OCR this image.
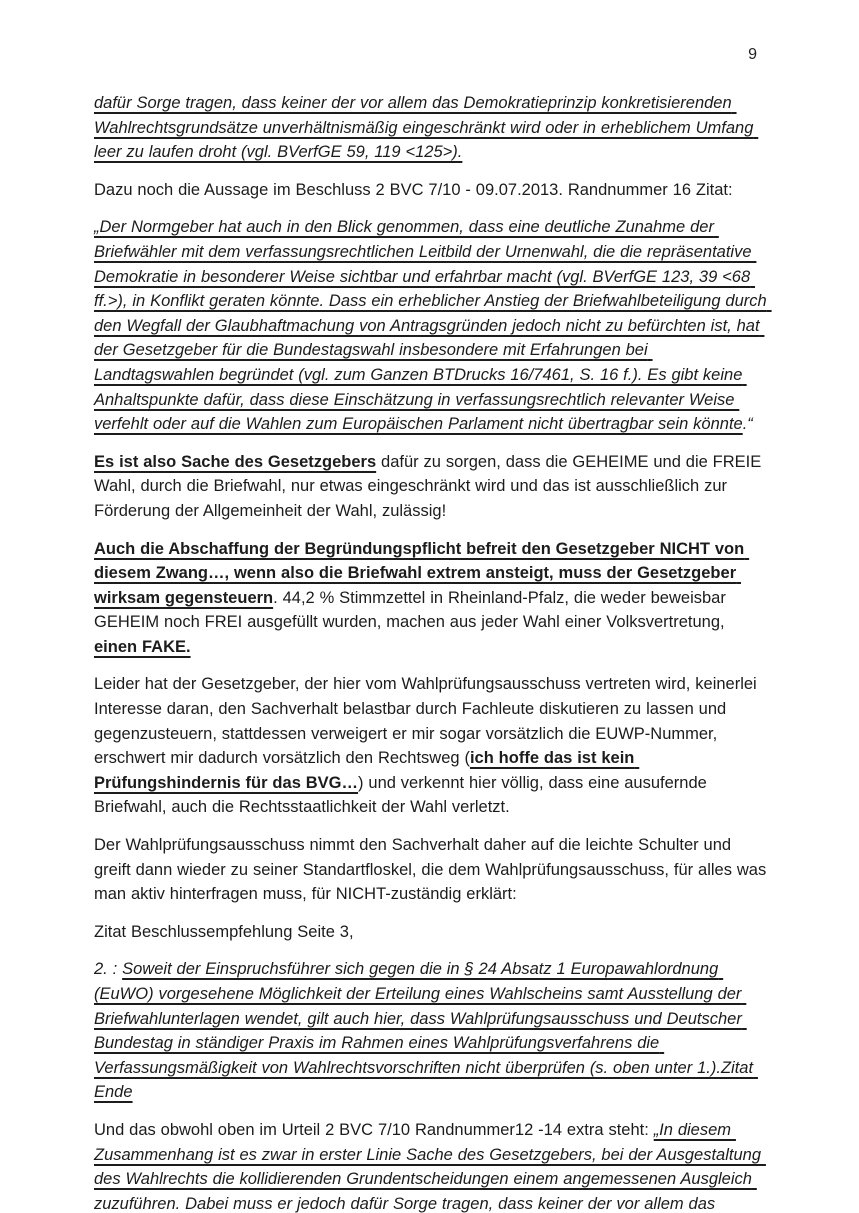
9

dafür Sorge tragen, dass keiner der vor allem das Demokratieprinzip konkretisierenden Wahlrechtsgrundsätze unverhältnismäßig eingeschränkt wird oder in erheblichem Umfang leer zu laufen droht (vgl. BVerfGE 59, 119 <125>).

Dazu noch die Aussage im Beschluss 2 BVC 7/10 - 09.07.2013. Randnummer 16 Zitat:

„Der Normgeber hat auch in den Blick genommen, dass eine deutliche Zunahme der Briefwähler mit dem verfassungsrechtlichen Leitbild der Urnenwahl, die die repräsentative Demokratie in besonderer Weise sichtbar und erfahrbar macht (vgl. BVerfGE 123, 39 <68 ff.>), in Konflikt geraten könnte. Dass ein erheblicher Anstieg der Briefwahlbeteiligung durch den Wegfall der Glaubhaftmachung von Antragsgründen jedoch nicht zu befürchten ist, hat der Gesetzgeber für die Bundestagswahl insbesondere mit Erfahrungen bei Landtagswahlen begründet (vgl. zum Ganzen BTDrucks 16/7461, S. 16 f.). Es gibt keine Anhaltspunkte dafür, dass diese Einschätzung in verfassungsrechtlich relevanter Weise verfehlt oder auf die Wahlen zum Europäischen Parlament nicht übertragbar sein könnte.“

Es ist also Sache des Gesetzgebers dafür zu sorgen, dass die GEHEIME und die FREIE Wahl, durch die Briefwahl, nur etwas eingeschränkt wird und das ist ausschließlich zur Förderung der Allgemeinheit der Wahl, zulässig!

Auch die Abschaffung der Begründungspflicht befreit den Gesetzgeber NICHT von diesem Zwang…, wenn also die Briefwahl extrem ansteigt, muss der Gesetzgeber wirksam gegensteuern. 44,2 % Stimmzettel in Rheinland-Pfalz, die weder beweisbar GEHEIM noch FREI ausgefüllt wurden, machen aus jeder Wahl einer Volksvertretung, einen FAKE.

Leider hat der Gesetzgeber, der hier vom Wahlprüfungsausschuss vertreten wird, keinerlei Interesse daran, den Sachverhalt belastbar durch Fachleute diskutieren zu lassen und gegenzusteuern, stattdessen verweigert er mir sogar vorsätzlich die EUWP-Nummer, erschwert mir dadurch vorsätzlich den Rechtsweg (ich hoffe das ist kein Prüfungshindernis für das BVG…) und verkennt hier völlig, dass eine ausufernde Briefwahl, auch die Rechtsstaatlichkeit der Wahl verletzt.

Der Wahlprüfungsausschuss nimmt den Sachverhalt daher auf die leichte Schulter und greift dann wieder zu seiner Standartfloskel, die dem Wahlprüfungsausschuss, für alles was man aktiv hinterfragen muss, für NICHT-zuständig erklärt:

Zitat Beschlussempfehlung Seite 3,

2. : Soweit der Einspruchsführer sich gegen die in § 24 Absatz 1 Europawahlordnung (EuWO) vorgesehene Möglichkeit der Erteilung eines Wahlscheins samt Ausstellung der Briefwahlunterlagen wendet, gilt auch hier, dass Wahlprüfungsausschuss und Deutscher Bundestag in ständiger Praxis im Rahmen eines Wahlprüfungsverfahrens die Verfassungsmäßigkeit von Wahlrechtsvorschriften nicht überprüfen (s. oben unter 1.).Zitat Ende

Und das obwohl oben im Urteil 2 BVC 7/10 Randnummer12 -14 extra steht: „In diesem Zusammenhang ist es zwar in erster Linie Sache des Gesetzgebers, bei der Ausgestaltung des Wahlrechts die kollidierenden Grundentscheidungen einem angemessenen Ausgleich zuzuführen. Dabei muss er jedoch dafür Sorge tragen, dass keiner der vor allem das
